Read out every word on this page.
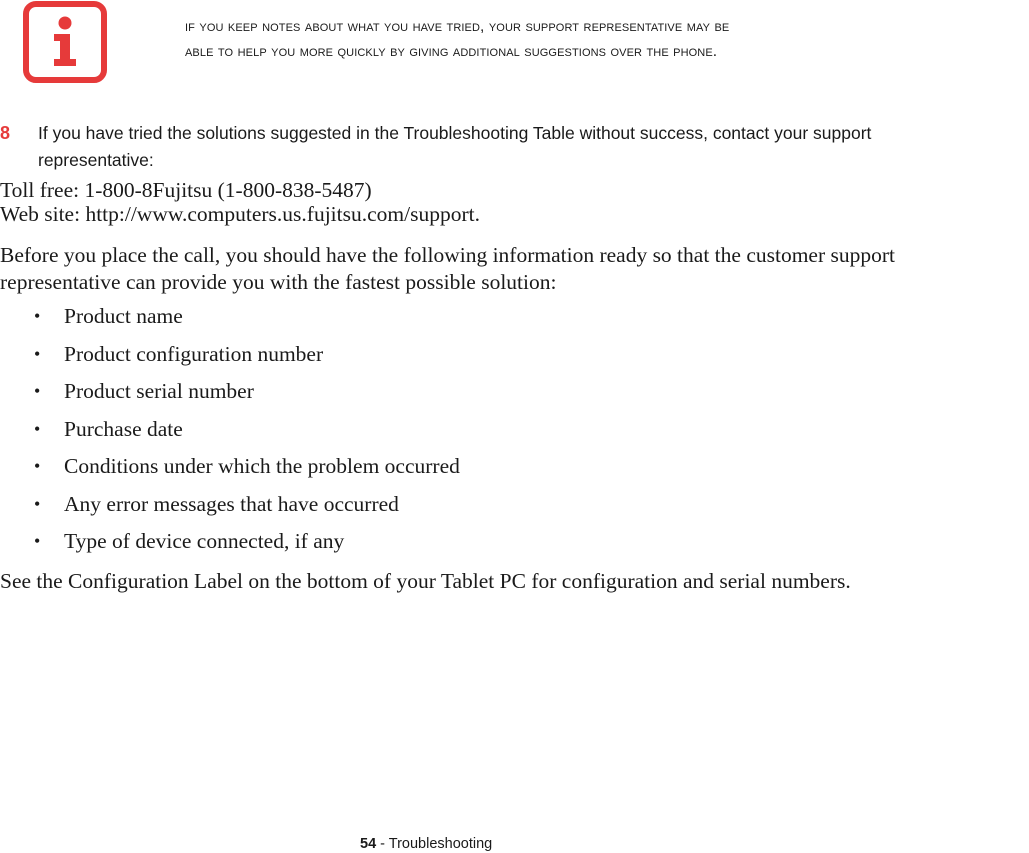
if you keep notes about what you have tried, your support representative may be
able to help you more quickly by giving additional suggestions over the phone.
8 If you have tried the solutions suggested in the Troubleshooting Table without success, contact your support
representative:
Toll free: 1-800-8Fujitsu (1-800-838-5487)
Web site: http://www.computers.us.fujitsu.com/support.
Before you place the call, you should have the following information ready so that the customer support
representative can provide you with the fastest possible solution:
• Product name
• Product configuration number
• Product serial number
• Purchase date
• Conditions under which the problem occurred
• Any error messages that have occurred
• Type of device connected, if any
See the Configuration Label on the bottom of your Tablet PC for configuration and serial numbers.
54 - Troubleshooting
